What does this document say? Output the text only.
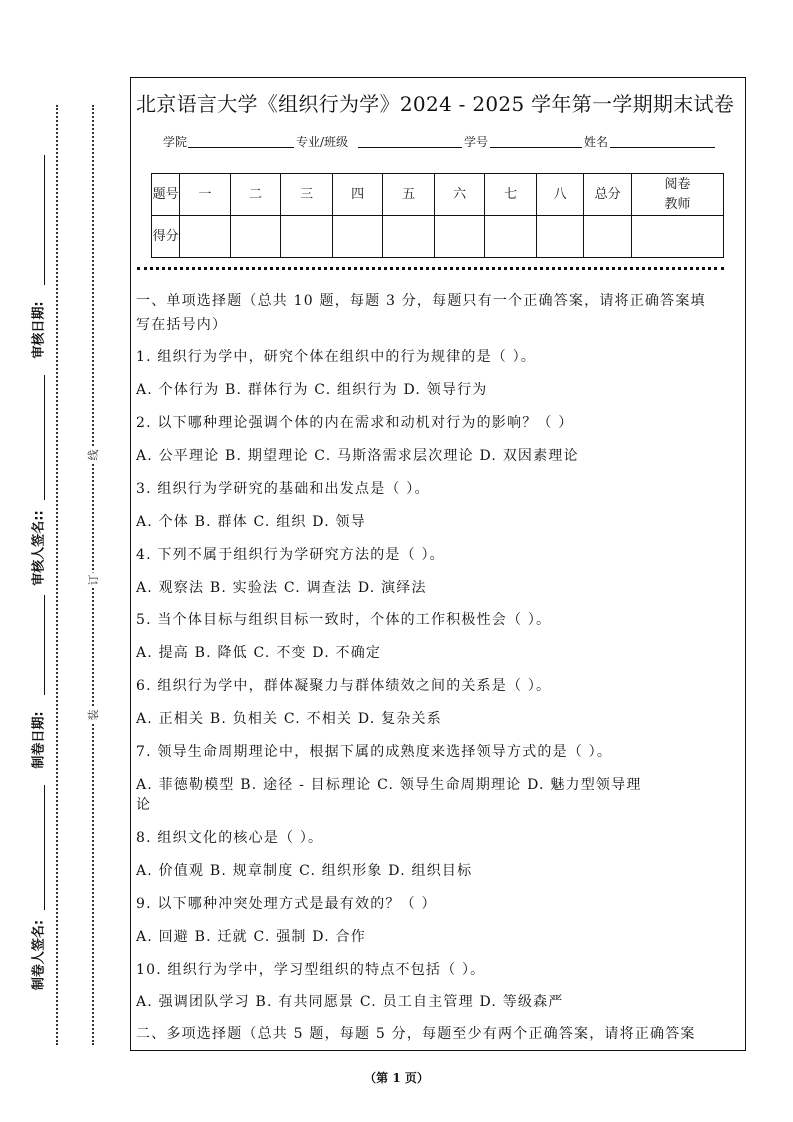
审核日期:
审核人签名::
制卷日期:
制卷人签名:
线
订
装
北京语言大学《组织行为学》2024 - 2025 学年第一学期期末试卷
学院	专业/班级	学号	姓名
题号	一	二	三	四	五	六	七	八	总分	阅卷教师
得分										
（第 1 页）
一、单项选择题（总共 10 题，每题 3 分，每题只有一个正确答案，请将正确答案填
写在括号内）
1. 组织行为学中，研究个体在组织中的行为规律的是（ ）。
A. 个体行为 B. 群体行为 C. 组织行为 D. 领导行为
2. 以下哪种理论强调个体的内在需求和动机对行为的影响？（ ）
A. 公平理论 B. 期望理论 C. 马斯洛需求层次理论 D. 双因素理论
3. 组织行为学研究的基础和出发点是（ ）。
A. 个体 B. 群体 C. 组织 D. 领导
4. 下列不属于组织行为学研究方法的是（ ）。
A. 观察法 B. 实验法 C. 调查法 D. 演绎法
5. 当个体目标与组织目标一致时，个体的工作积极性会（ ）。
A. 提高 B. 降低 C. 不变 D. 不确定
6. 组织行为学中，群体凝聚力与群体绩效之间的关系是（ ）。
A. 正相关 B. 负相关 C. 不相关 D. 复杂关系
7. 领导生命周期理论中，根据下属的成熟度来选择领导方式的是（ ）。
A. 菲德勒模型 B. 途径 - 目标理论 C. 领导生命周期理论 D. 魅力型领导理
论
8. 组织文化的核心是（ ）。
A. 价值观 B. 规章制度 C. 组织形象 D. 组织目标
9. 以下哪种冲突处理方式是最有效的？（ ）
A. 回避 B. 迁就 C. 强制 D. 合作
10. 组织行为学中，学习型组织的特点不包括（ ）。
A. 强调团队学习 B. 有共同愿景 C. 员工自主管理 D. 等级森严
二、多项选择题（总共 5 题，每题 5 分，每题至少有两个正确答案，请将正确答案
